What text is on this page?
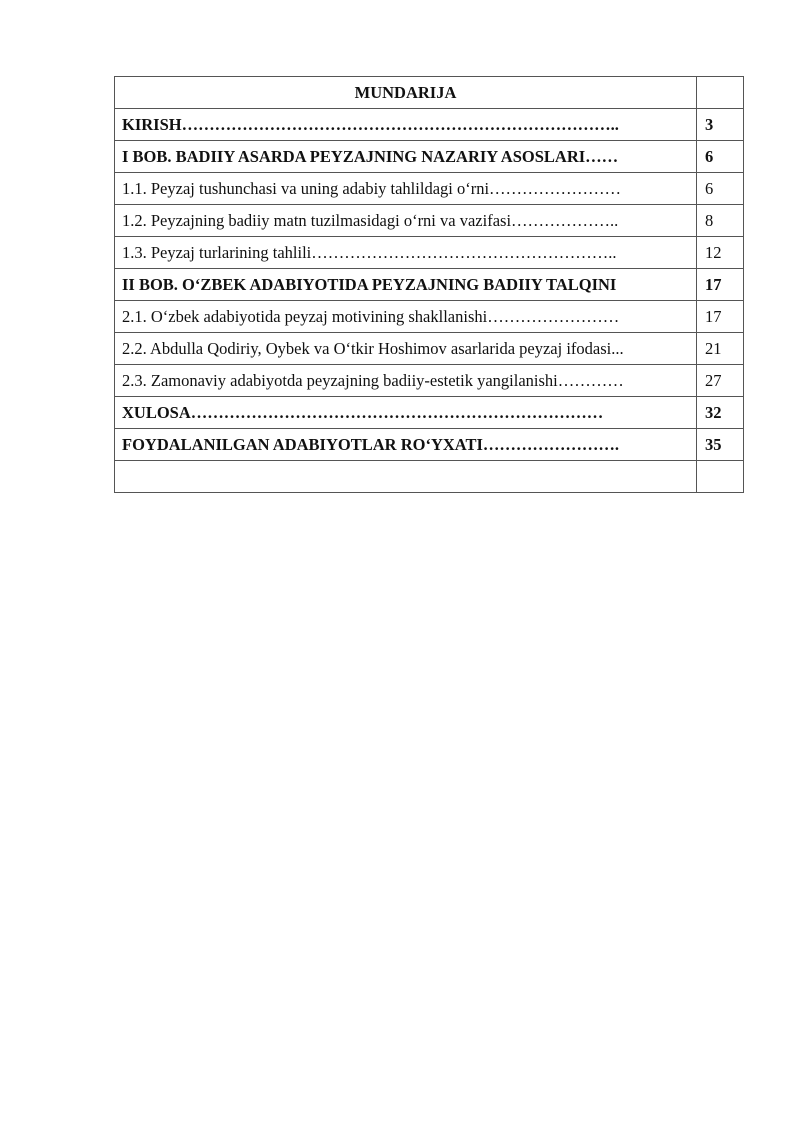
MUNDARIJA	
KIRISH……………………………………………………………………..	3
I BOB. BADIIY ASARDA PEYZAJNING NAZARIY ASOSLARI……	6
1.1. Peyzaj tushunchasi va uning adabiy tahlildagi o‘rni……………………	6
1.2. Peyzajning badiiy matn tuzilmasidagi o‘rni va vazifasi………………..	8
1.3. Peyzaj turlarining tahlili………………………………………………..	12
II BOB. O‘ZBEK ADABIYOTIDA PEYZAJNING BADIIY TALQINI	17
2.1. O‘zbek adabiyotida peyzaj motivining shakllanishi……………………	17
2.2. Abdulla Qodiriy, Oybek va O‘tkir Hoshimov asarlarida peyzaj ifodasi...	21
2.3. Zamonaviy adabiyotda peyzajning badiiy-estetik yangilanishi…………	27
XULOSA…………………………………………………………………	32
FOYDALANILGAN ADABIYOTLAR RO‘YXATI…………………….	35
